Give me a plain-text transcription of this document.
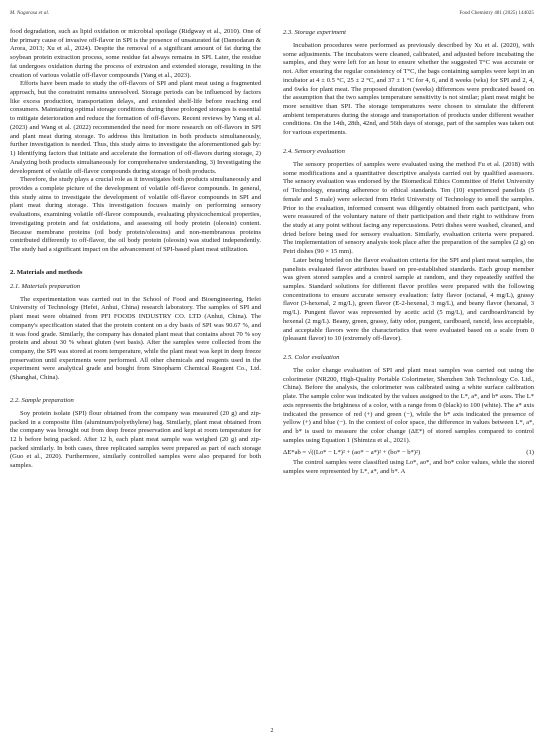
M. Nagarasa et al.	Food Chemistry 481 (2025) 144025

food degradation, such as lipid oxidation or microbial spoilage (Ridgway et al., 2010). One of the primary cause of invasive off-flavor in SPI is the presence of unsaturated fat (Damodaran & Arora, 2013; Xu et al., 2024). Despite the removal of a significant amount of fat during the soybean protein extraction process, some residue fat always remains in SPI. Later, the residue fat undergoes oxidation during the process of extrusion and extended storage, resulting in the creation of various volatile off-flavor compounds (Yang et al., 2023).

Efforts have been made to study the off-flavors of SPI and plant meat using a fragmented approach, but the constraint remains unresolved. Storage periods can be influenced by factors like excess production, transportation delays, and extended shelf-life before reaching end consumers. Maintaining optimal storage conditions during these prolonged storages is essential to mitigate deterioration and reduce the formation of off-flavors. Recent reviews by Yang et al. (2023) and Wang et al. (2022) recommended the need for more research on off-flavors in SPI and plant meat during storage. To address this limitation in both products simultaneously, further investigation is needed. Thus, this study aims to investigate the aforementioned gab by: 1) Identifying factors that initiate and accelerate the formation of off-flavors during storage, 2) Analyzing both products simultaneously for comprehensive understanding, 3) Investigating the development of volatile off-flavor compounds during storage of both products.

Therefore, the study plays a crucial role as it investigates both products simultaneously and provides a complete picture of the development of volatile off-flavor compounds. In general, this study aims to investigate the development of volatile off-flavor compounds in SPI and plant meat during storage. This investigation focuses mainly on performing sensory evaluations, examining volatile off-flavor compounds, evaluating physicochemical properties, investigating protein and fat oxidations, and assessing oil body protein (oleosin) content. Because membrane proteins (oil body protein/oleosins) and non-membranous proteins contributed differently to off-flavor, the oil body protein (oleosin) was studied independently. The study had a significant impact on the advancement of SPI-based plant meat utilization.

2. Materials and methods
2.1. Materials preparation

The experimentation was carried out in the School of Food and Bioengineering, Hefei University of Technology (Hefei, Anhui, China) research laboratory. The samples of SPI and plant meat were obtained from PFI FOODS INDUSTRY CO. LTD (Anhui, China). The company's specification stated that the protein content on a dry basis of SPI was 90.67 %, and it was food grade. Similarly, the company has donated plant meat that contains about 70 % soy protein and about 30 % wheat gluten (wet basis). After the samples were collected from the company, the SPI was stored at room temperature, while the plant meat was kept in deep freeze preservation until experiments were performed. All other chemicals and reagents used in the experiment were analytical grade and bought from Sinopharm Chemical Reagent Co., Ltd. (Shanghai, China).

2.2. Sample preparation

Soy protein isolate (SPI) flour obtained from the company was measured (20 g) and zip-packed in a composite film (aluminum/polyethylene) bag. Similarly, plant meat obtained from the company was brought out from deep freeze preservation and kept at room temperature for 12 h before being packed. After 12 h, each plant meat sample was weighed (20 g) and zip-packed similarly. In both cases, three replicated samples were prepared as part of each storage (Guo et al., 2020). Furthermore, similarly controlled samples were also prepared for both samples.

2.3. Storage experiment

Incubation procedures were performed as previously described by Xu et al. (2020), with some adjustments. The incubators were cleaned, calibrated, and adjusted before incubating the samples, and they were left for an hour to ensure whether the suggested T°C was accurate or not. After ensuring the regular consistency of T°C, the bags containing samples were kept in an incubator at 4 ± 0.5 °C, 25 ± 2 °C, and 37 ± 1 °C for 4, 6, and 8 weeks (wks) for SPI and 2, 4, and 6wks for plant meat. The proposed duration (weeks) differences were predicated based on the assumption that the two samples temperature sensitivity is not similar; plant meat might be more sensitive than SPI. The storage temperatures were chosen to simulate the different ambient temperatures during the storage and transportation of products under different weather conditions. On the 14th, 28th, 42nd, and 56th days of storage, part of the samples was taken out for various experiments.

2.4. Sensory evaluation

The sensory properties of samples were evaluated using the method Fu et al. (2018) with some modifications and a quantitative descriptive analysis carried out by qualified assessors. The sensory evaluation was endorsed by the Biomedical Ethics Committee of Hefei University of Technology, ensuring adherence to ethical standards. Ten (10) experienced panelists (5 female and 5 male) were selected from Hefei University of Technology to smell the samples. Prior to the evaluation, informed consent was diligently obtained from each participant, who were reassured of the voluntary nature of their participation and their right to withdraw from the study at any point without facing any repercussions. Petri dishes were washed, cleaned, and dried before being used for sensory evaluation. Similarly, evaluation criteria were prepared. The implementation of sensory analysis took place after the preparation of the samples (2 g) on Petri dishes (90 × 15 mm).

Later being briefed on the flavor evaluation criteria for the SPI and plant meat samples, the panelists evaluated flavor attributes based on pre-established standards. Each group member was given stored samples and a control sample at random, and they repeatedly sniffed the samples. Standard solutions for different flavor profiles were prepared with the following concentrations to ensure accurate sensory evaluation: fatty flavor (octanal, 4 mg/L), grassy flavor (3-hexenal, 2 mg/L), green flavor (E-2-hexenal, 3 mg/L), and beany flavor (hexanal, 3 mg/L). Pungent flavor was represented by acetic acid (5 mg/L), and cardboard/rancid by hexenal (2 mg/L). Beany, green, grassy, fatty odor, pungent, cardboard, rancid, less acceptable, and acceptable flavors were the characteristics that were evaluated based on a scale from 0 (pleasant flavor) to 10 (extremely off-flavor).

2.5. Color evaluation

The color change evaluation of SPI and plant meat samples was carried out using the colorimeter (NR200, High-Quality Portable Colorimeter, Shenzhen 3nh Technology Co. Ltd., China). Before the analysis, the colorimeter was calibrated using a white surface calibration plate. The sample color was indicated by the values assigned to the L*, a*, and b* axes. The L* axis represents the brightness of a color, with a range from 0 (black) to 100 (white). The a* axis indicated the presence of red (+) and green (−), while the b* axis indicated the presence of yellow (+) and blue (−). In the context of color space, the difference in values between L*, a*, and b* is used to measure the color change (ΔE*) of stored samples compared to control samples using Equation 1 (Shimizu et al., 2021).

ΔE*ab = √((Lo* − L*)² + (ao* − a*)² + (bo* − b*)²)	(1)

The control samples were classified using Lo*, ao*, and bo* color values, while the stored samples were represented by L*, a*, and b*. A

2
